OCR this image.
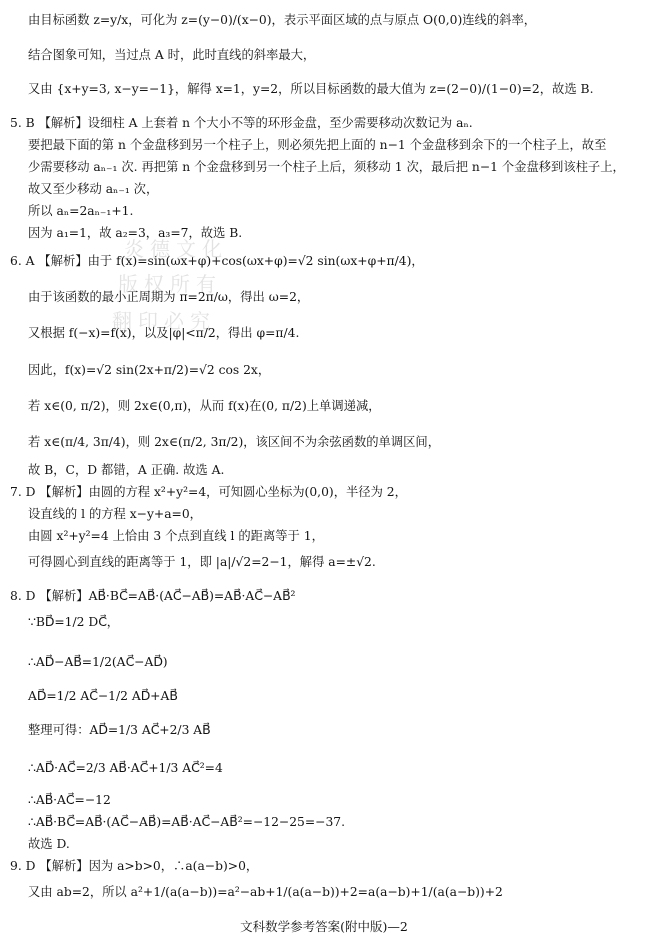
炎德文化
版权所有
翻印必究
由目标函数 z=y/x，可化为 z=(y−0)/(x−0)，表示平面区域的点与原点 O(0,0)连线的斜率，
结合图象可知，当过点 A 时，此时直线的斜率最大，
又由 {x+y=3, x−y=−1}，解得 x=1，y=2，所以目标函数的最大值为 z=(2−0)/(1−0)=2，故选 B.
5. B 【解析】设细柱 A 上套着 n 个大小不等的环形金盘，至少需要移动次数记为 aₙ.
要把最下面的第 n 个金盘移到另一个柱子上，则必须先把上面的 n−1 个金盘移到余下的一个柱子上，故至
少需要移动 aₙ₋₁ 次. 再把第 n 个金盘移到另一个柱子上后，须移动 1 次，最后把 n−1 个金盘移到该柱子上，
故又至少移动 aₙ₋₁ 次，
所以 aₙ=2aₙ₋₁+1.
因为 a₁=1，故 a₂=3，a₃=7，故选 B.
6. A 【解析】由于 f(x)=sin(ωx+φ)+cos(ωx+φ)=√2 sin(ωx+φ+π/4)，
由于该函数的最小正周期为 π=2π/ω，得出 ω=2，
又根据 f(−x)=f(x)，以及|φ|<π/2，得出 φ=π/4.
因此，f(x)=√2 sin(2x+π/2)=√2 cos 2x，
若 x∈(0, π/2)，则 2x∈(0,π)，从而 f(x)在(0, π/2)上单调递减，
若 x∈(π/4, 3π/4)，则 2x∈(π/2, 3π/2)，该区间不为余弦函数的单调区间，
故 B，C，D 都错，A 正确. 故选 A.
7. D 【解析】由圆的方程 x²+y²=4，可知圆心坐标为(0,0)，半径为 2，
设直线的 l 的方程 x−y+a=0，
由圆 x²+y²=4 上恰由 3 个点到直线 l 的距离等于 1，
可得圆心到直线的距离等于 1，即 |a|/√2=2−1，解得 a=±√2.
8. D 【解析】AB⃗·BC⃗=AB⃗·(AC⃗−AB⃗)=AB⃗·AC⃗−AB⃗²
∵BD⃗=1/2 DC⃗，
∴AD⃗−AB⃗=1/2(AC⃗−AD⃗)
AD⃗=1/2 AC⃗−1/2 AD⃗+AB⃗
整理可得：AD⃗=1/3 AC⃗+2/3 AB⃗
∴AD⃗·AC⃗=2/3 AB⃗·AC⃗+1/3 AC⃗²=4
∴AB⃗·AC⃗=−12
∴AB⃗·BC⃗=AB⃗·(AC⃗−AB⃗)=AB⃗·AC⃗−AB⃗²=−12−25=−37.
故选 D.
9. D 【解析】因为 a>b>0，∴a(a−b)>0，
又由 ab=2，所以 a²+1/(a(a−b))=a²−ab+1/(a(a−b))+2=a(a−b)+1/(a(a−b))+2
文科数学参考答案(附中版)—2
